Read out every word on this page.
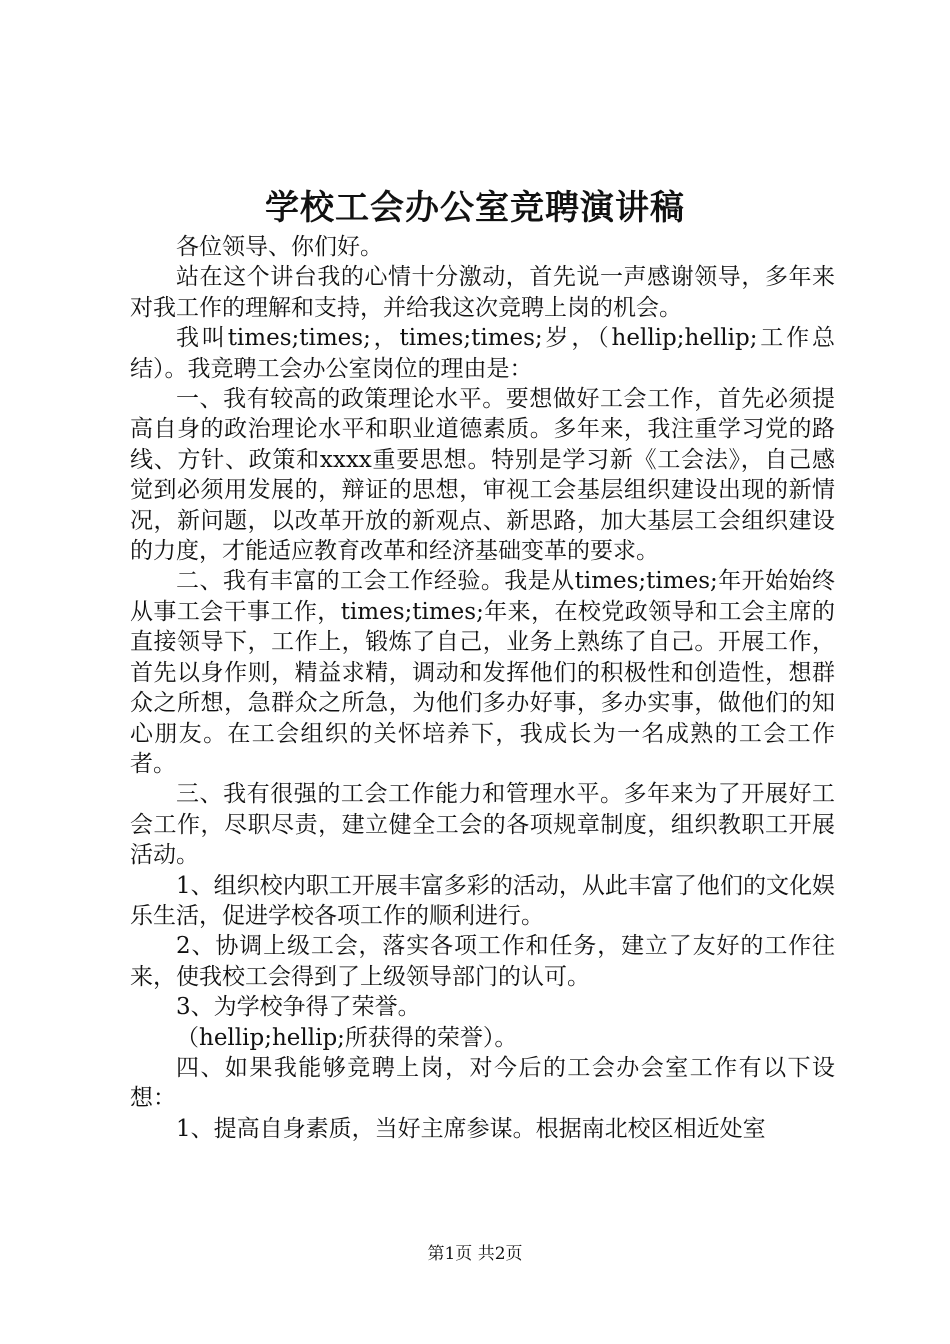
学校工会办公室竞聘演讲稿

各位领导、你们好。

站在这个讲台我的心情十分激动，首先说一声感谢领导，多年来对我工作的理解和支持，并给我这次竞聘上岗的机会。

我叫times;times;，times;times;岁，（hellip;hellip;工作总结）。我竞聘工会办公室岗位的理由是：

一、我有较高的政策理论水平。要想做好工会工作，首先必须提高自身的政治理论水平和职业道德素质。多年来，我注重学习党的路线、方针、政策和xxxx重要思想。特别是学习新《工会法》，自己感觉到必须用发展的，辩证的思想，审视工会基层组织建设出现的新情况，新问题，以改革开放的新观点、新思路，加大基层工会组织建设的力度，才能适应教育改革和经济基础变革的要求。

二、我有丰富的工会工作经验。我是从times;times;年开始始终从事工会干事工作，times;times;年来，在校党政领导和工会主席的直接领导下，工作上，锻炼了自己，业务上熟练了自己。开展工作，首先以身作则，精益求精，调动和发挥他们的积极性和创造性，想群众之所想，急群众之所急，为他们多办好事，多办实事，做他们的知心朋友。在工会组织的关怀培养下，我成长为一名成熟的工会工作者。

三、我有很强的工会工作能力和管理水平。多年来为了开展好工会工作，尽职尽责，建立健全工会的各项规章制度，组织教职工开展活动。

1、组织校内职工开展丰富多彩的活动，从此丰富了他们的文化娱乐生活，促进学校各项工作的顺利进行。

2、协调上级工会，落实各项工作和任务，建立了友好的工作往来，使我校工会得到了上级领导部门的认可。

3、为学校争得了荣誉。

（hellip;hellip;所获得的荣誉）。

四、如果我能够竞聘上岗，对今后的工会办会室工作有以下设想：

1、提高自身素质，当好主席参谋。根据南北校区相近处室

第1页 共2页
